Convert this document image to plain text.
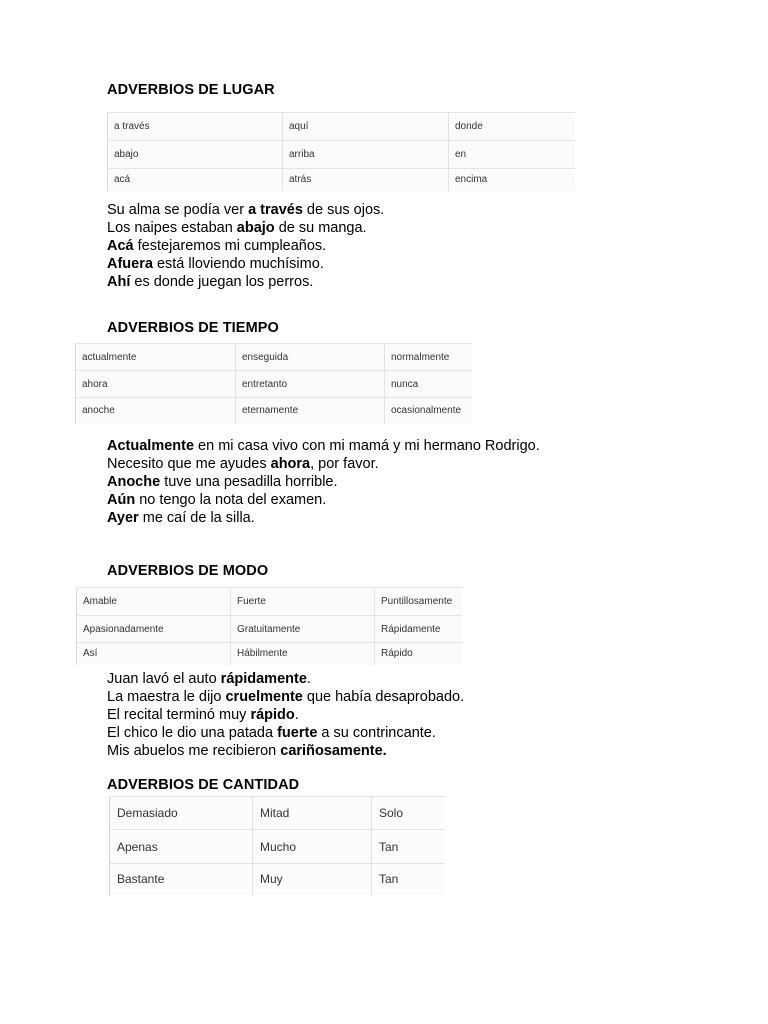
ADVERBIOS DE LUGAR
a través	aquí	donde
abajo	arriba	en
acá	atrás	encima
Su alma se podía ver a través de sus ojos.
Los naipes estaban abajo de su manga.
Acá festejaremos mi cumpleaños.
Afuera está lloviendo muchísimo.
Ahí es donde juegan los perros.
ADVERBIOS DE TIEMPO
actualmente	enseguida	normalmente
ahora	entretanto	nunca
anoche	eternamente	ocasionalmente
Actualmente en mi casa vivo con mi mamá y mi hermano Rodrigo.
Necesito que me ayudes ahora, por favor.
Anoche tuve una pesadilla horrible.
Aún no tengo la nota del examen.
Ayer me caí de la silla.
ADVERBIOS DE MODO
Amable	Fuerte	Puntillosamente
Apasionadamente	Gratuitamente	Rápidamente
Así	Hábilmente	Rápido
Juan lavó el auto rápidamente.
La maestra le dijo cruelmente que había desaprobado.
El recital terminó muy rápido.
El chico le dio una patada fuerte a su contrincante.
Mis abuelos me recibieron cariñosamente.
ADVERBIOS DE CANTIDAD
Demasiado	Mitad	Solo
Apenas	Mucho	Tan
Bastante	Muy	Tan
